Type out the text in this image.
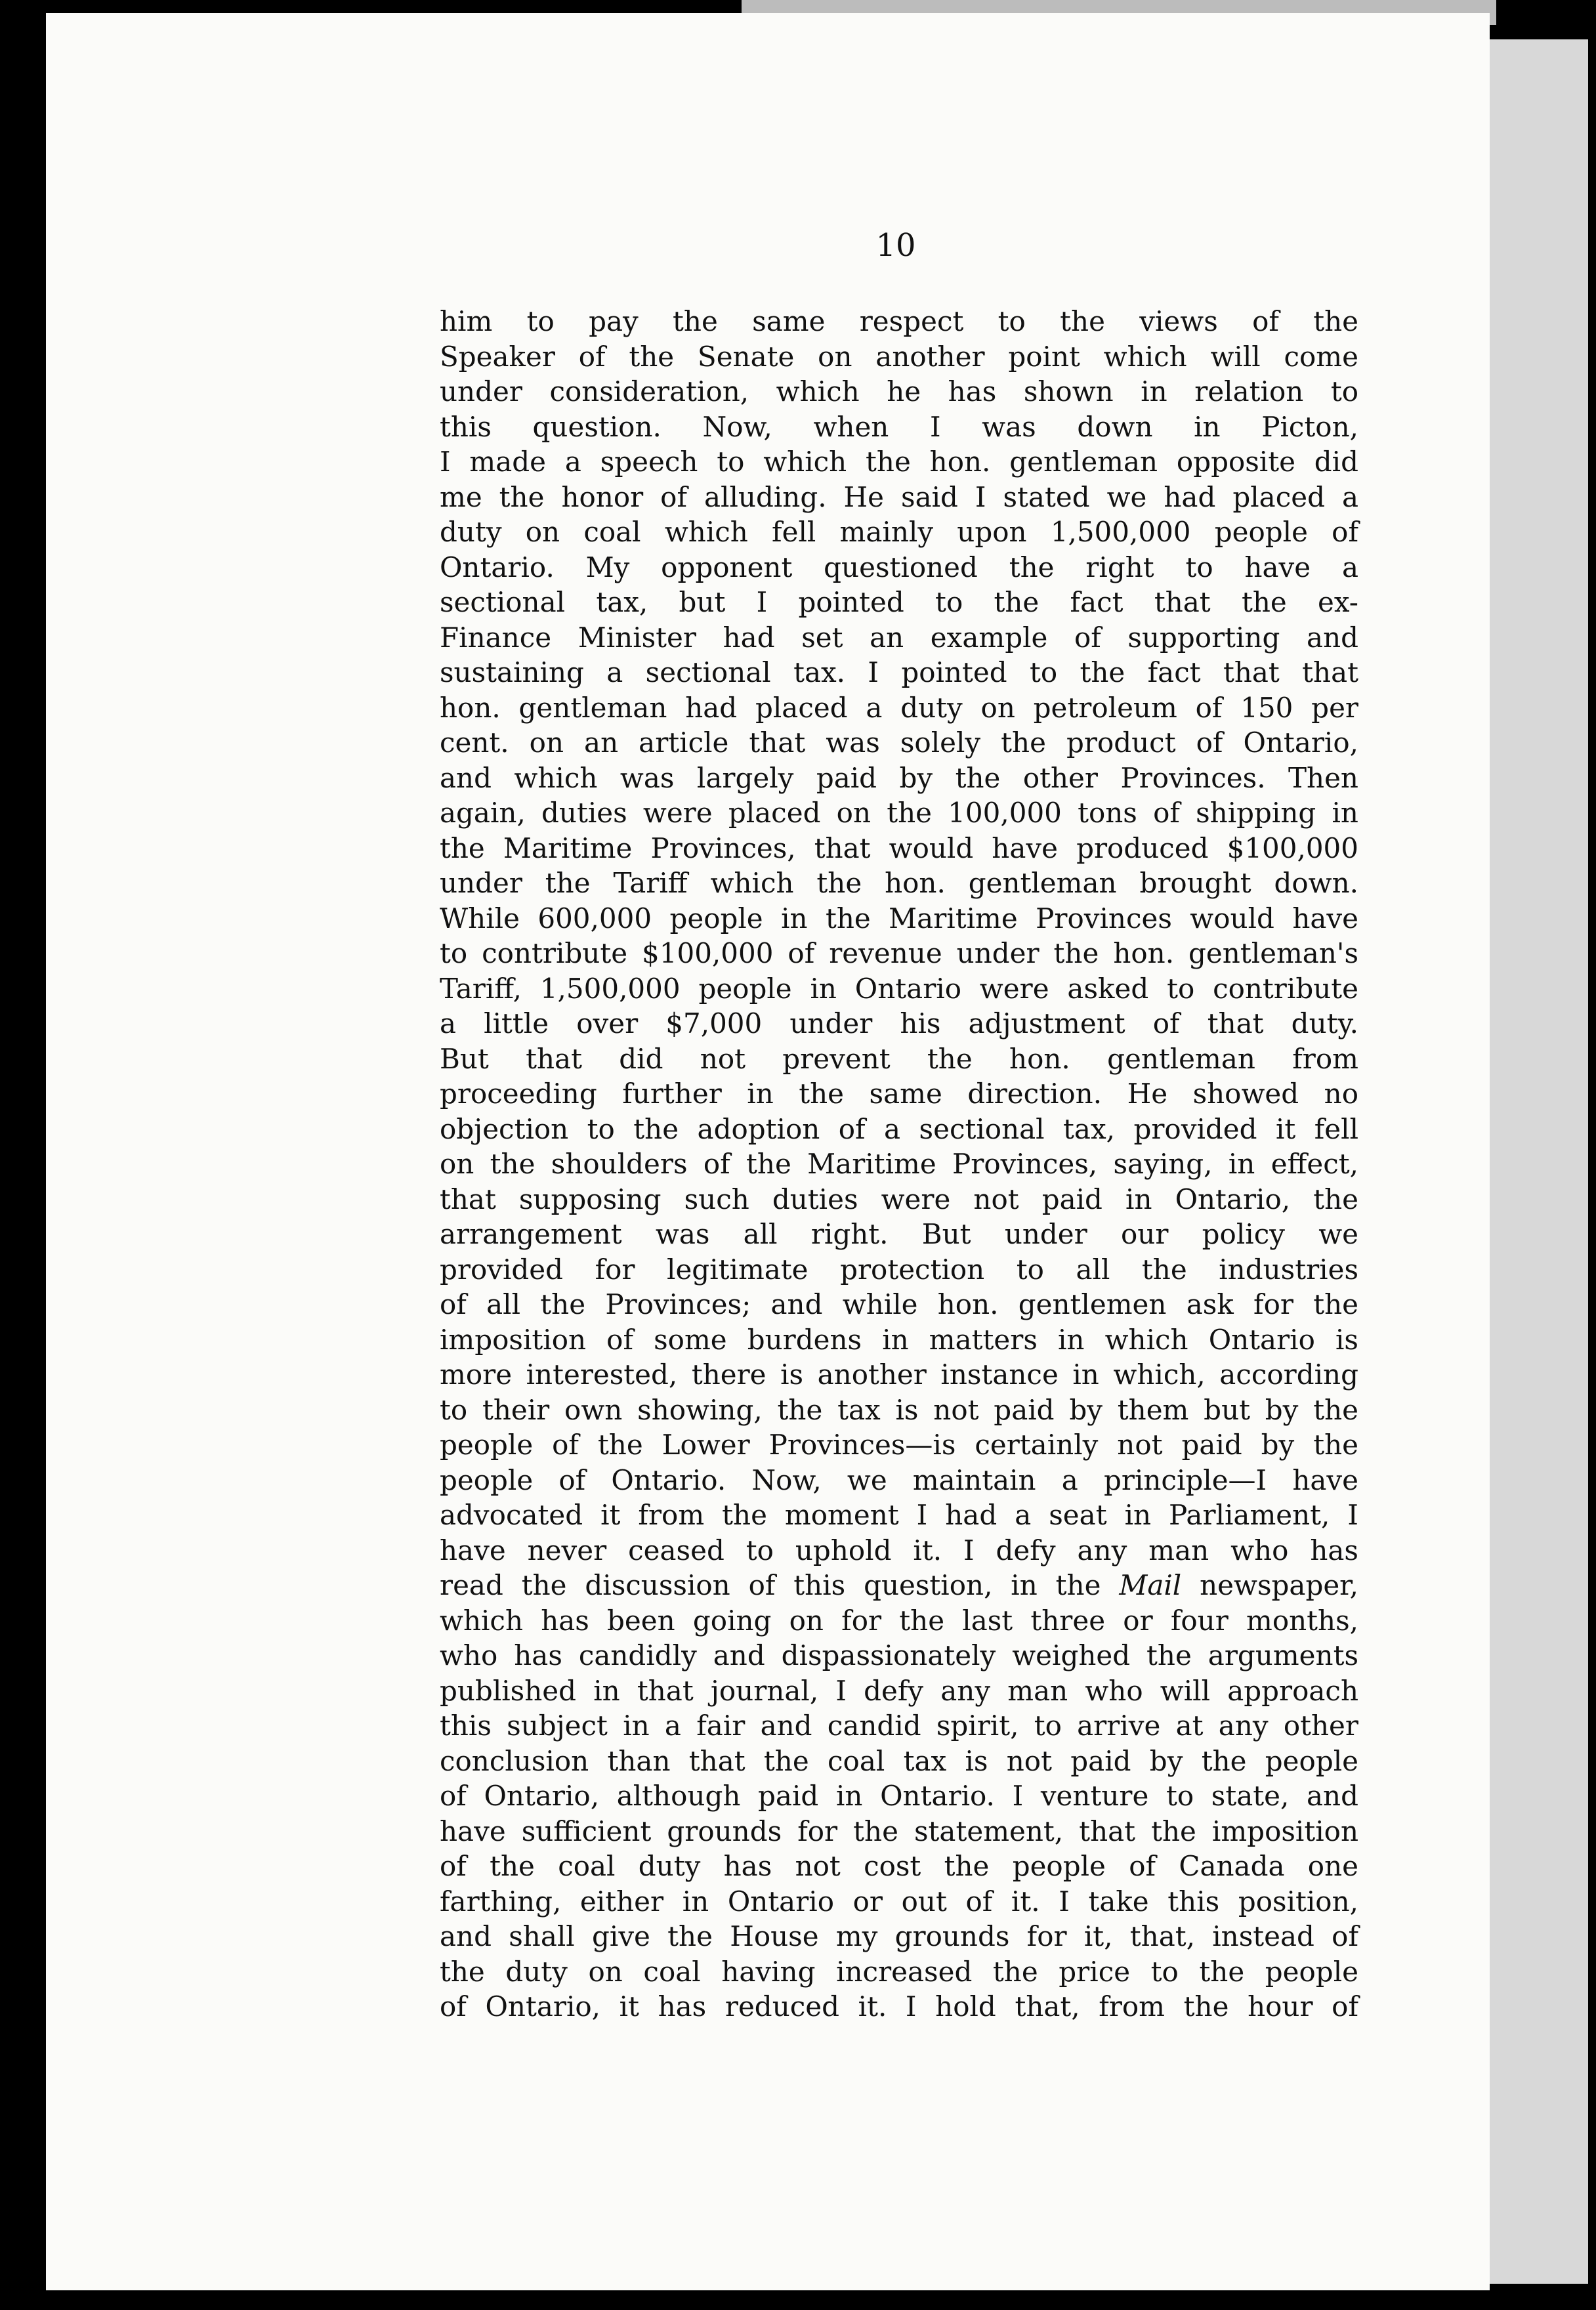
10
him to pay the same respect to the views of the
Speaker of the Senate on another point which will come
under consideration, which he has shown in relation to
this question. Now, when I was down in Picton,
I made a speech to which the hon. gentleman opposite did
me the honor of alluding. He said I stated we had placed a
duty on coal which fell mainly upon 1,500,000 people of
Ontario. My opponent questioned the right to have a
sectional tax, but I pointed to the fact that the ex-
Finance Minister had set an example of supporting and
sustaining a sectional tax. I pointed to the fact that that
hon. gentleman had placed a duty on petroleum of 150 per
cent. on an article that was solely the product of Ontario,
and which was largely paid by the other Provinces. Then
again, duties were placed on the 100,000 tons of shipping in
the Maritime Provinces, that would have produced $100,000
under the Tariff which the hon. gentleman brought down.
While 600,000 people in the Maritime Provinces would have
to contribute $100,000 of revenue under the hon. gentleman's
Tariff, 1,500,000 people in Ontario were asked to contribute
a little over $7,000 under his adjustment of that duty.
But that did not prevent the hon. gentleman from
proceeding further in the same direction. He showed no
objection to the adoption of a sectional tax, provided it fell
on the shoulders of the Maritime Provinces, saying, in effect,
that supposing such duties were not paid in Ontario, the
arrangement was all right. But under our policy we
provided for legitimate protection to all the industries
of all the Provinces; and while hon. gentlemen ask for the
imposition of some burdens in matters in which Ontario is
more interested, there is another instance in which, according
to their own showing, the tax is not paid by them but by the
people of the Lower Provinces—is certainly not paid by the
people of Ontario. Now, we maintain a principle—I have
advocated it from the moment I had a seat in Parliament, I
have never ceased to uphold it. I defy any man who has
read the discussion of this question, in the Mail newspaper,
which has been going on for the last three or four months,
who has candidly and dispassionately weighed the arguments
published in that journal, I defy any man who will approach
this subject in a fair and candid spirit, to arrive at any other
conclusion than that the coal tax is not paid by the people
of Ontario, although paid in Ontario. I venture to state, and
have sufficient grounds for the statement, that the imposition
of the coal duty has not cost the people of Canada one
farthing, either in Ontario or out of it. I take this position,
and shall give the House my grounds for it, that, instead of
the duty on coal having increased the price to the people
of Ontario, it has reduced it. I hold that, from the hour of
